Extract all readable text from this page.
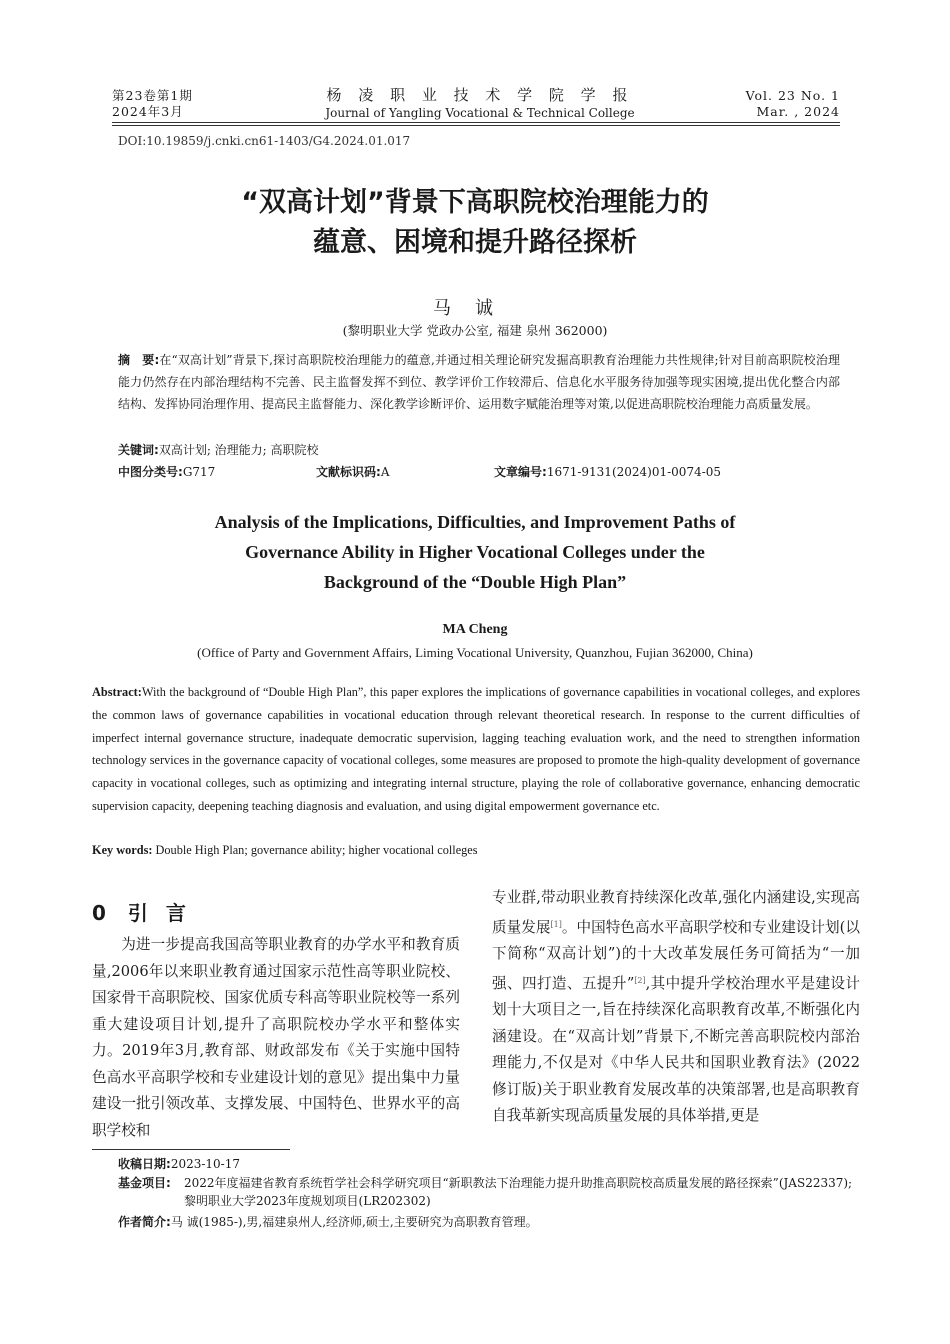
第23卷第1期
2024年3月
杨 凌 职 业 技 术 学 院 学 报
Journal of Yangling Vocational & Technical College
Vol. 23 No. 1
Mar. , 2024
DOI:10.19859/j.cnki.cn61-1403/G4.2024.01.017
“双高计划”背景下高职院校治理能力的
蕴意、困境和提升路径探析
马诚
(黎明职业大学 党政办公室, 福建 泉州 362000)
摘　要:在“双高计划”背景下,探讨高职院校治理能力的蕴意,并通过相关理论研究发掘高职教育治理能力共性规律;针对目前高职院校治理能力仍然存在内部治理结构不完善、民主监督发挥不到位、教学评价工作较滞后、信息化水平服务待加强等现实困境,提出优化整合内部结构、发挥协同治理作用、提高民主监督能力、深化教学诊断评价、运用数字赋能治理等对策,以促进高职院校治理能力高质量发展。
关键词:双高计划; 治理能力; 高职院校
中图分类号:G717	文献标识码:A	文章编号:1671-9131(2024)01-0074-05
Analysis of the Implications, Difficulties, and Improvement Paths of
Governance Ability in Higher Vocational Colleges under the
Background of the “Double High Plan”
MA Cheng
(Office of Party and Government Affairs, Liming Vocational University, Quanzhou, Fujian 362000, China)
Abstract:With the background of “Double High Plan”, this paper explores the implications of governance capabilities in vocational colleges, and explores the common laws of governance capabilities in vocational education through relevant theoretical research. In response to the current difficulties of imperfect internal governance structure, inadequate democratic supervision, lagging teaching evaluation work, and the need to strengthen information technology services in the governance capacity of vocational colleges, some measures are proposed to promote the high-quality development of governance capacity in vocational colleges, such as optimizing and integrating internal structure, playing the role of collaborative governance, enhancing democratic supervision capacity, deepening teaching diagnosis and evaluation, and using digital empowerment governance etc.
Key words: Double High Plan; governance ability; higher vocational colleges
0 引言
为进一步提高我国高等职业教育的办学水平和教育质量,2006年以来职业教育通过国家示范性高等职业院校、国家骨干高职院校、国家优质专科高等职业院校等一系列重大建设项目计划,提升了高职院校办学水平和整体实力。2019年3月,教育部、财政部发布《关于实施中国特色高水平高职学校和专业建设计划的意见》提出集中力量建设一批引领改革、支撑发展、中国特色、世界水平的高职学校和
专业群,带动职业教育持续深化改革,强化内涵建设,实现高质量发展[1]。中国特色高水平高职学校和专业建设计划(以下简称“双高计划”)的十大改革发展任务可简括为“一加强、四打造、五提升”[2],其中提升学校治理水平是建设计划十大项目之一,旨在持续深化高职教育改革,不断强化内涵建设。在“双高计划”背景下,不断完善高职院校内部治理能力,不仅是对《中华人民共和国职业教育法》(2022修订版)关于职业教育发展改革的决策部署,也是高职教育自我革新实现高质量发展的具体举措,更是
收稿日期:2023-10-17
基金项目:	2022年度福建省教育系统哲学社会科学研究项目“新职教法下治理能力提升助推高职院校高质量发展的路径探索”(JAS22337); 黎明职业大学2023年度规划项目(LR202302)
作者简介:马 诚(1985-),男,福建泉州人,经济师,硕士,主要研究为高职教育管理。
